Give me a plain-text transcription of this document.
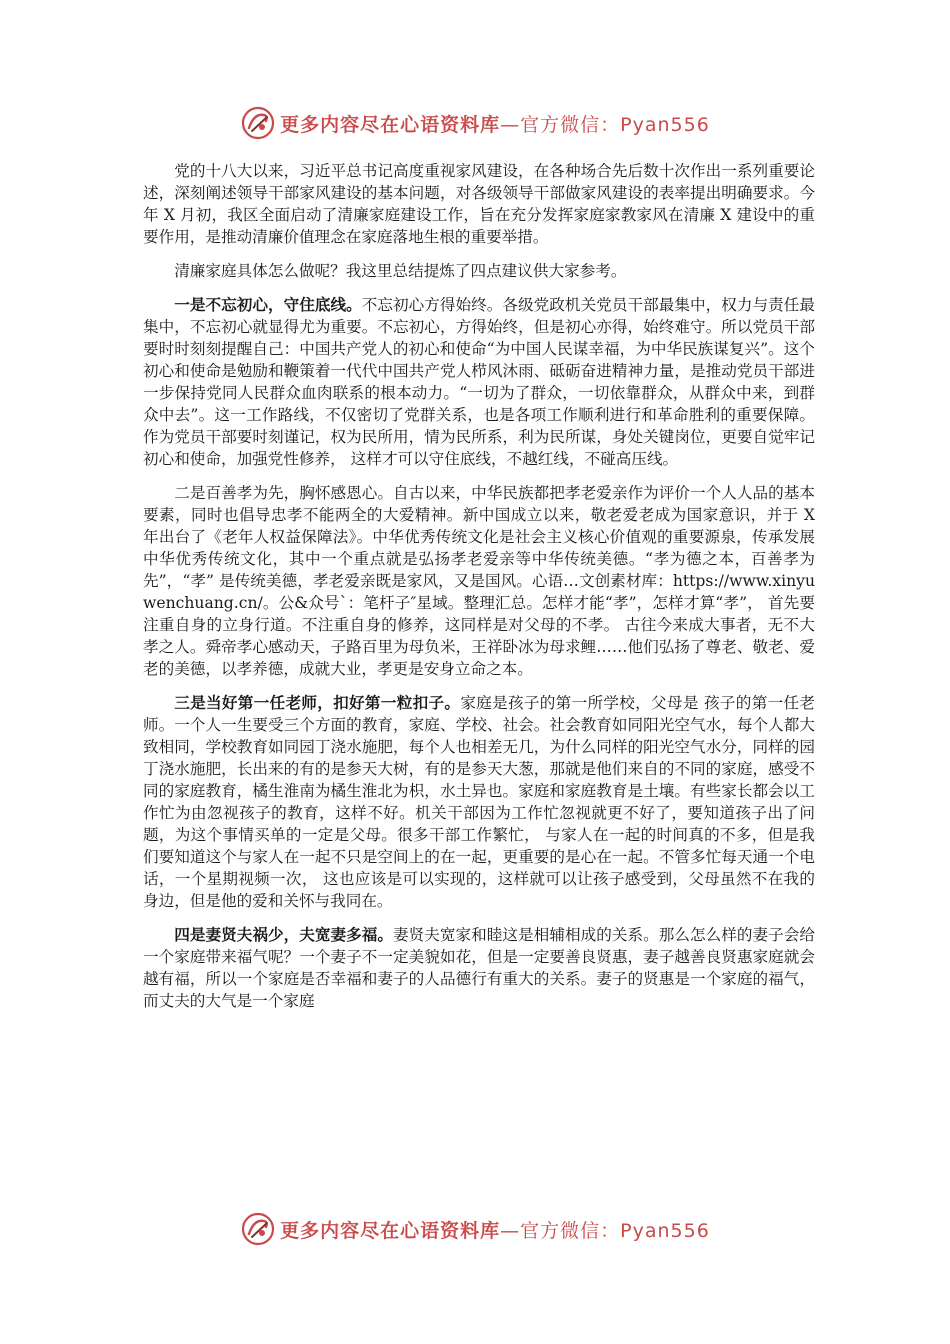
更多内容尽在心语资料库—官方微信：Pyan556

党的十八大以来，习近平总书记高度重视家风建设，在各种场合先后数十次作出一系列重要论述，深刻阐述领导干部家风建设的基本问题，对各级领导干部做家风建设的表率提出明确要求。今年 X 月初，我区全面启动了清廉家庭建设工作，旨在充分发挥家庭家教家风在清廉 X 建设中的重要作用，是推动清廉价值理念在家庭落地生根的重要举措。

清廉家庭具体怎么做呢？我这里总结提炼了四点建议供大家参考。

一是不忘初心，守住底线。不忘初心方得始终。各级党政机关党员干部最集中，权力与责任最集中，不忘初心就显得尤为重要。不忘初心，方得始终，但是初心亦得，始终难守。所以党员干部要时时刻刻提醒自己：中国共产党人的初心和使命“为中国人民谋幸福，为中华民族谋复兴”。这个初心和使命是勉励和鞭策着一代代中国共产党人栉风沐雨、砥砺奋进精神力量，是推动党员干部进一步保持党同人民群众血肉联系的根本动力。“一切为了群众，一切依靠群众，从群众中来，到群众中去”。这一工作路线，不仅密切了党群关系，也是各项工作顺利进行和革命胜利的重要保障。作为党员干部要时刻谨记，权为民所用，情为民所系，利为民所谋，身处关键岗位，更要自觉牢记初心和使命，加强党性修养， 这样才可以守住底线，不越红线，不碰高压线。

二是百善孝为先，胸怀感恩心。自古以来，中华民族都把孝老爱亲作为评价一个人人品的基本要素，同时也倡导忠孝不能两全的大爱精神。新中国成立以来，敬老爱老成为国家意识，并于 X 年出台了《老年人权益保障法》。中华优秀传统文化是社会主义核心价值观的重要源泉，传承发展中华优秀传统文化，其中一个重点就是弘扬孝老爱亲等中华传统美德。“孝为德之本，百善孝为先”，“孝” 是传统美德，孝老爱亲既是家风，又是国风。心语…文创素材库：https://www.xinyuwenchuang.cn/。公&众号`：笔杆子″星域。整理汇总。怎样才能“孝”，怎样才算“孝”， 首先要注重自身的立身行道。不注重自身的修养，这同样是对父母的不孝。 古往今来成大事者，无不大孝之人。舜帝孝心感动天，子路百里为母负米，王祥卧冰为母求鲤……他们弘扬了尊老、敬老、爱老的美德，以孝养德，成就大业，孝更是安身立命之本。

三是当好第一任老师，扣好第一粒扣子。家庭是孩子的第一所学校，父母是 孩子的第一任老师。一个人一生要受三个方面的教育，家庭、学校、社会。社会教育如同阳光空气水，每个人都大致相同，学校教育如同园丁浇水施肥，每个人也相差无几，为什么同样的阳光空气水分，同样的园丁浇水施肥，长出来的有的是参天大树，有的是参天大葱，那就是他们来自的不同的家庭，感受不同的家庭教育，橘生淮南为橘生淮北为枳，水土异也。家庭和家庭教育是土壤。有些家长都会以工作忙为由忽视孩子的教育，这样不好。机关干部因为工作忙忽视就更不好了，要知道孩子出了问题，为这个事情买单的一定是父母。很多干部工作繁忙， 与家人在一起的时间真的不多，但是我们要知道这个与家人在一起不只是空间上的在一起，更重要的是心在一起。不管多忙每天通一个电话，一个星期视频一次， 这也应该是可以实现的，这样就可以让孩子感受到，父母虽然不在我的身边，但是他的爱和关怀与我同在。

四是妻贤夫祸少，夫宽妻多福。妻贤夫宽家和睦这是相辅相成的关系。那么怎么样的妻子会给一个家庭带来福气呢？一个妻子不一定美貌如花，但是一定要善良贤惠，妻子越善良贤惠家庭就会越有福，所以一个家庭是否幸福和妻子的人品德行有重大的关系。妻子的贤惠是一个家庭的福气，而丈夫的大气是一个家庭

更多内容尽在心语资料库—官方微信：Pyan556
